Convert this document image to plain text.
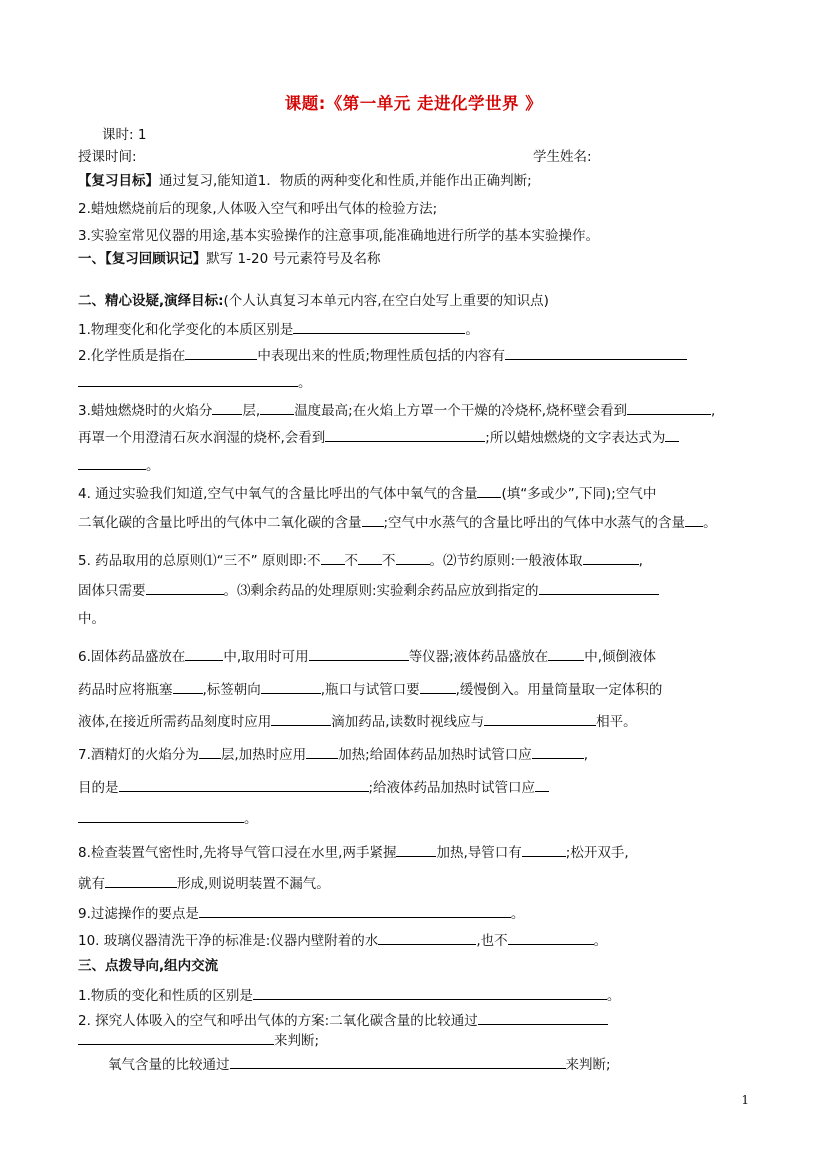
课题:《第一单元 走进化学世界 》
课时: 1
授课时间:	学生姓名:
【复习目标】通过复习,能知道1．物质的两种变化和性质,并能作出正确判断;
2.蜡烛燃烧前后的现象,人体吸入空气和呼出气体的检验方法;
3.实验室常见仪器的用途,基本实验操作的注意事项,能准确地进行所学的基本实验操作。
一、【复习回顾识记】默写 1-20 号元素符号及名称
二、精心设疑,演绎目标:(个人认真复习本单元内容,在空白处写上重要的知识点)
1.物理变化和化学变化的本质区别是	。
2.化学性质是指在	中表现出来的性质;物理性质包括的内容有
。
3.蜡烛燃烧时的火焰分 层,	温度最高;在火焰上方罩一个干燥的冷烧杯,烧杯壁会看到	,
再罩一个用澄清石灰水润湿的烧杯,会看到	;所以蜡烛燃烧的文字表达式为
。
4. 通过实验我们知道,空气中氧气的含量比呼出的气体中氧气的含量 (填“多或少”,下同);空气中
二氧化碳的含量比呼出的气体中二氧化碳的含量 ;空气中水蒸气的含量比呼出的气体中水蒸气的含量 。
5. 药品取用的总原则⑴“三不” 原则即:不 不 不	。⑵节约原则:一般液体取	,
固体只需要	。⑶剩余药品的处理原则:实验剩余药品应放到指定的
中。
6.固体药品盛放在	中,取用时可用	等仪器;液体药品盛放在	中,倾倒液体
药品时应将瓶塞 ,标签朝向	,瓶口与试管口要	,缓慢倒入。用量筒量取一定体积的
液体,在接近所需药品刻度时应用	滴加药品,读数时视线应与	相平。
7.酒精灯的火焰分为 层,加热时应用 加热;给固体药品加热时试管口应	,
目的是	;给液体药品加热时试管口应
。
8.检查装置气密性时,先将导气管口浸在水里,两手紧握	加热,导管口有	;松开双手,
就有	形成,则说明装置不漏气。
9.过滤操作的要点是	。
10. 玻璃仪器清洗干净的标准是:仪器内壁附着的水	,也不	。
三、点拨导向,组内交流
1.物质的变化和性质的区别是	。
2. 探究人体吸入的空气和呼出气体的方案:二氧化碳含量的比较通过
来判断;
氧气含量的比较通过	来判断;
1
